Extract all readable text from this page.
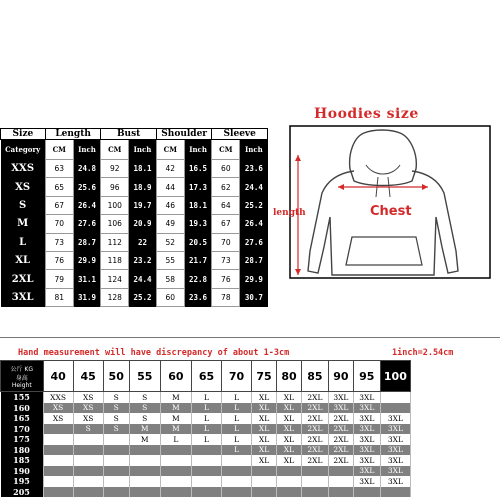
Size	Length		Bust		Shoulder		Sleeve	
Category	CM	Inch	CM	Inch	CM	Inch	CM	Inch
XXS	63	24.8	92	18.1	42	16.5	60	23.6
XS	65	25.6	96	18.9	44	17.3	62	24.4
S	67	26.4	100	19.7	46	18.1	64	25.2
M	70	27.6	106	20.9	49	19.3	67	26.4
L	73	28.7	112	22	52	20.5	70	27.6
XL	76	29.9	118	23.2	55	21.7	73	28.7
2XL	79	31.1	124	24.4	58	22.8	76	29.9
3XL	81	31.9	128	25.2	60	23.6	78	30.7
Hoodies size
Chest
length
Hand measurement will have discrepancy of about 1-3cm	1inch=2.54cm
公斤 KG
身高
Height	40	45	50	55	60	65	70	75	80	85	90	95	100
155	XXS	XS	S	S	M	L	L	XL	XL	2XL	3XL	3XL	
160	XS	XS	S	S	M	L	L	XL	XL	2XL	3XL	3XL	
165	XS	XS	S	S	M	L	L	XL	XL	2XL	2XL	3XL	3XL
170		S	S	M	M	L	L	XL	XL	2XL	2XL	3XL	3XL
175				M	L	L	L	XL	XL	2XL	2XL	3XL	3XL
180							L	XL	XL	2XL	2XL	3XL	3XL
185								XL	XL	2XL	2XL	3XL	3XL
190												3XL	3XL
195												3XL	3XL
205													
